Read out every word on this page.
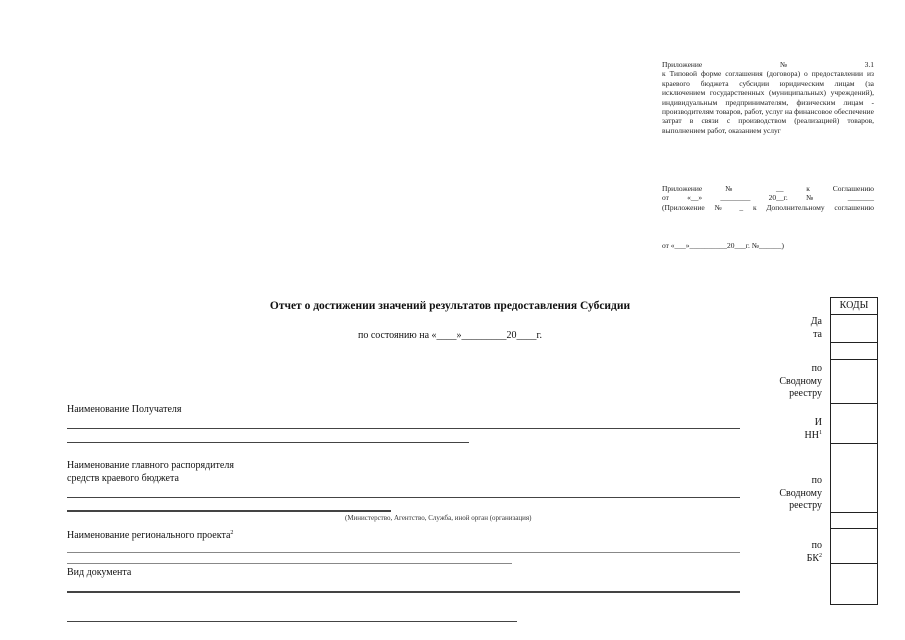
Приложение	№	3.1
к Типовой форме соглашения (договора) о предоставлении из краевого бюджета субсидии юридическим лицам (за исключением государственных (муниципальных) учреждений), индивидуальным предпринимателям, физическим лицам - производителям товаров, работ, услуг на финансовое обеспечение затрат в связи с производством (реализацией) товаров, выполнением работ, оказанием услуг
Приложение № __ к Соглашению
от «__» ________ 20__г. № _______
(Приложение № _ к Дополнительному соглашению
от «___»__________20___г. №______)
Отчет о достижении значений результатов предоставления Субсидии
по состоянию на «____»_________20____г.
Наименование Получателя
Наименование главного распорядителя
средств краевого бюджета
(Министерство, Агентство, Служба, иной орган (организация)
Наименование регионального проекта$^2$
Вид документа
Да
та
по
Сводному
реестру
И
$НН^1$
по
Сводному
реестру
по
$БК^2$
КОДЫ
